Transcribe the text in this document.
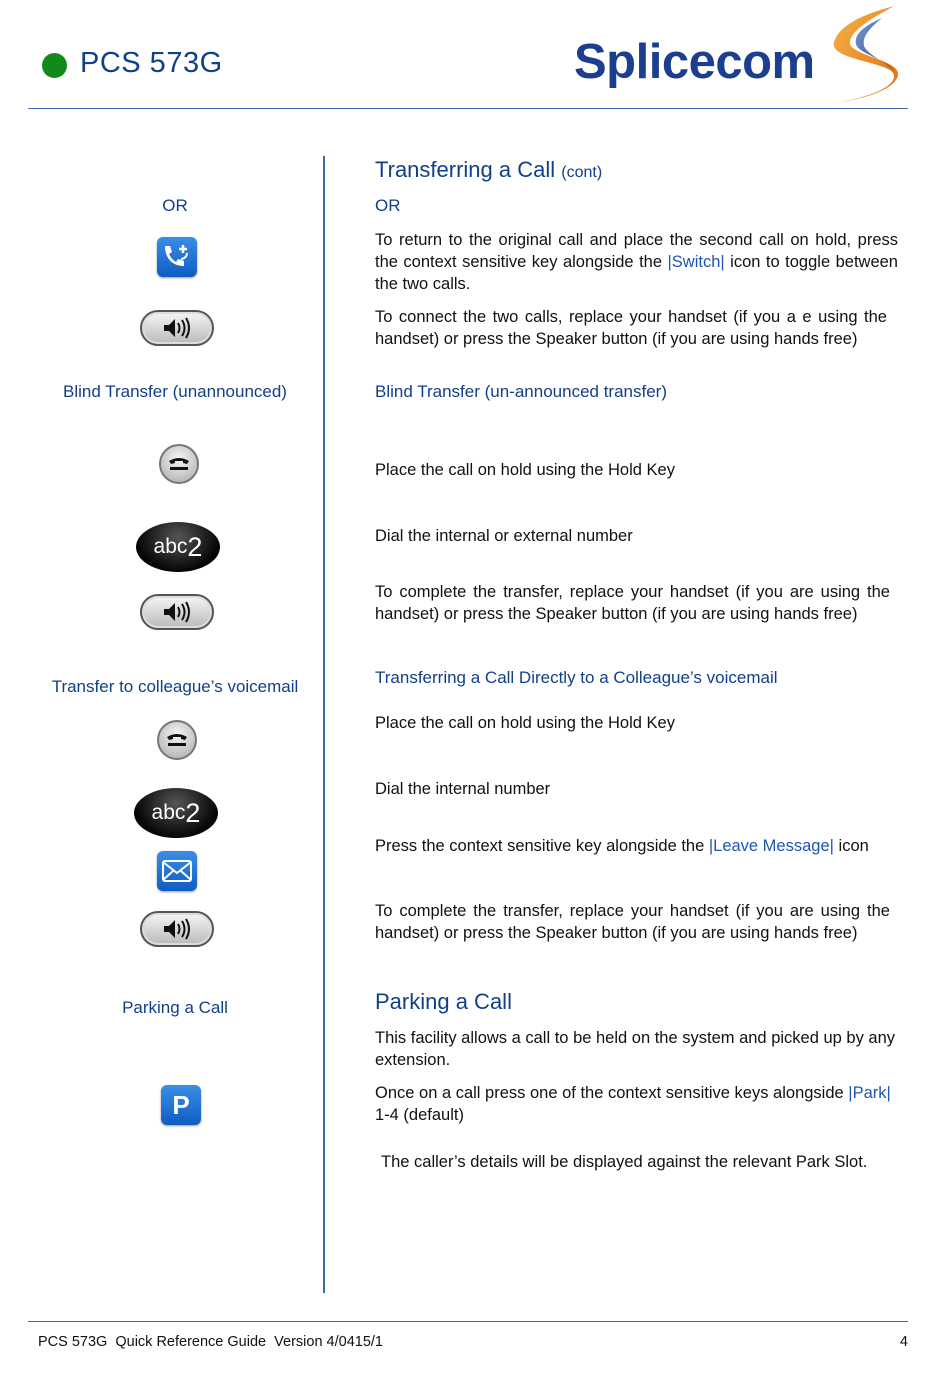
PCS 573G	Splicecom
OR
Blind Transfer (unannounced)
abc 2
Transfer to colleague’s voicemail
abc 2
Parking a Call
P
Transferring a Call (cont)
OR
To return to the original call and place the second call on hold, press the context sensitive key alongside the |Switch| icon to toggle between the two calls.
To connect the two calls, replace your handset (if you a e using the handset) or press the Speaker button (if you are using hands free)
Blind Transfer (un-announced transfer)
Place the call on hold using the Hold Key
Dial the internal or external number
To complete the transfer, replace your handset (if you are using the handset) or press the Speaker button (if you are using hands free)
Transferring a Call Directly to a Colleague’s voicemail
Place the call on hold using the Hold Key
Dial the internal number
Press the context sensitive key alongside the |Leave Message| icon
To complete the transfer, replace your handset (if you are using the handset) or press the Speaker button (if you are using hands free)
Parking a Call
This facility allows a call to be held on the system and picked up by any extension.
Once on a call press one of the context sensitive keys alongside |Park| 1-4 (default)
The caller’s details will be displayed against the relevant Park Slot.
PCS 573G  Quick Reference Guide  Version 4/0415/1	4
